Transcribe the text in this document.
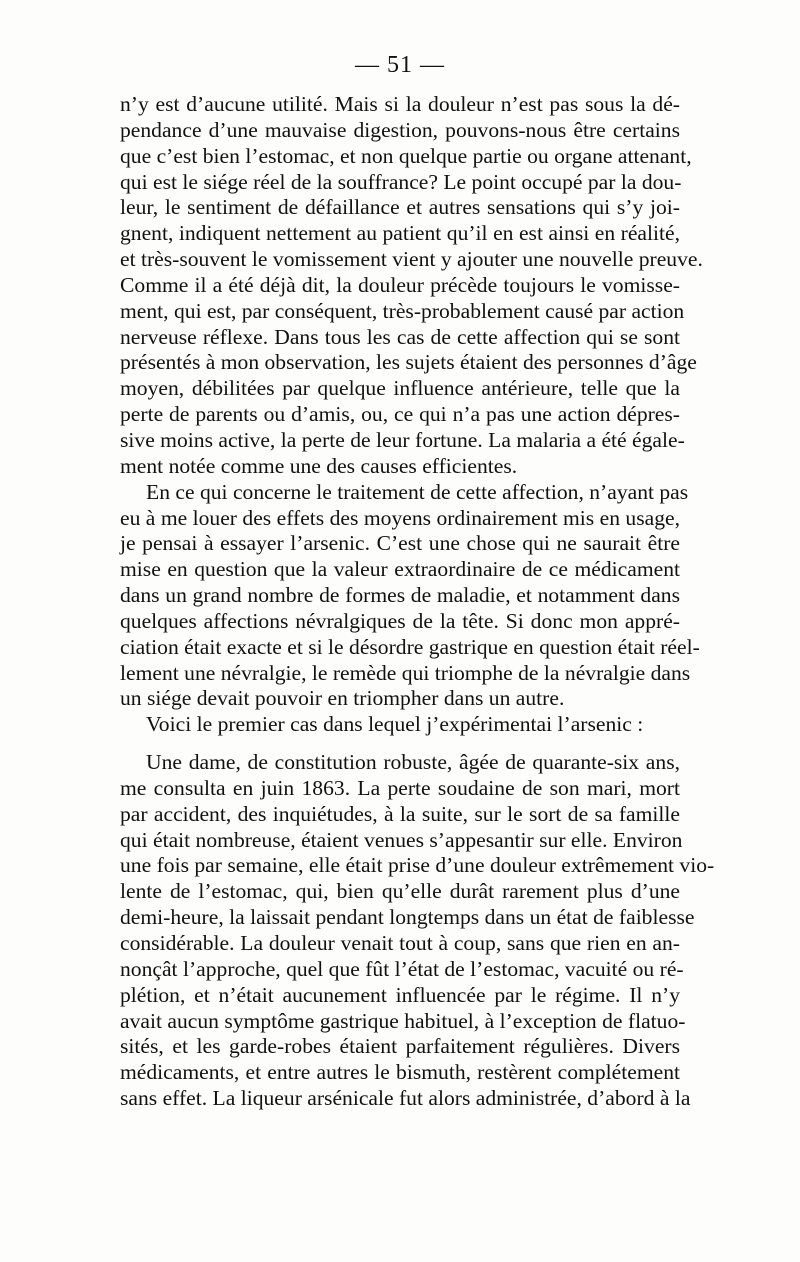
— 51 —
n’y est d’aucune utilité. Mais si la douleur n’est pas sous la dé-
pendance d’une mauvaise digestion, pouvons-nous être certains
que c’est bien l’estomac, et non quelque partie ou organe attenant,
qui est le siége réel de la souffrance? Le point occupé par la dou-
leur, le sentiment de défaillance et autres sensations qui s’y joi-
gnent, indiquent nettement au patient qu’il en est ainsi en réalité,
et très-souvent le vomissement vient y ajouter une nouvelle preuve.
Comme il a été déjà dit, la douleur précède toujours le vomisse-
ment, qui est, par conséquent, très-probablement causé par action
nerveuse réflexe. Dans tous les cas de cette affection qui se sont
présentés à mon observation, les sujets étaient des personnes d’âge
moyen, débilitées par quelque influence antérieure, telle que la
perte de parents ou d’amis, ou, ce qui n’a pas une action dépres-
sive moins active, la perte de leur fortune. La malaria a été égale-
ment notée comme une des causes efficientes.
En ce qui concerne le traitement de cette affection, n’ayant pas
eu à me louer des effets des moyens ordinairement mis en usage,
je pensai à essayer l’arsenic. C’est une chose qui ne saurait être
mise en question que la valeur extraordinaire de ce médicament
dans un grand nombre de formes de maladie, et notamment dans
quelques affections névralgiques de la tête. Si donc mon appré-
ciation était exacte et si le désordre gastrique en question était réel-
lement une névralgie, le remède qui triomphe de la névralgie dans
un siége devait pouvoir en triompher dans un autre.
Voici le premier cas dans lequel j’expérimentai l’arsenic :
Une dame, de constitution robuste, âgée de quarante-six ans,
me consulta en juin 1863. La perte soudaine de son mari, mort
par accident, des inquiétudes, à la suite, sur le sort de sa famille
qui était nombreuse, étaient venues s’appesantir sur elle. Environ
une fois par semaine, elle était prise d’une douleur extrêmement vio-
lente de l’estomac, qui, bien qu’elle durât rarement plus d’une
demi-heure, la laissait pendant longtemps dans un état de faiblesse
considérable. La douleur venait tout à coup, sans que rien en an-
nonçât l’approche, quel que fût l’état de l’estomac, vacuité ou ré-
plétion, et n’était aucunement influencée par le régime. Il n’y
avait aucun symptôme gastrique habituel, à l’exception de flatuo-
sités, et les garde-robes étaient parfaitement régulières. Divers
médicaments, et entre autres le bismuth, restèrent complétement
sans effet. La liqueur arsénicale fut alors administrée, d’abord à la
